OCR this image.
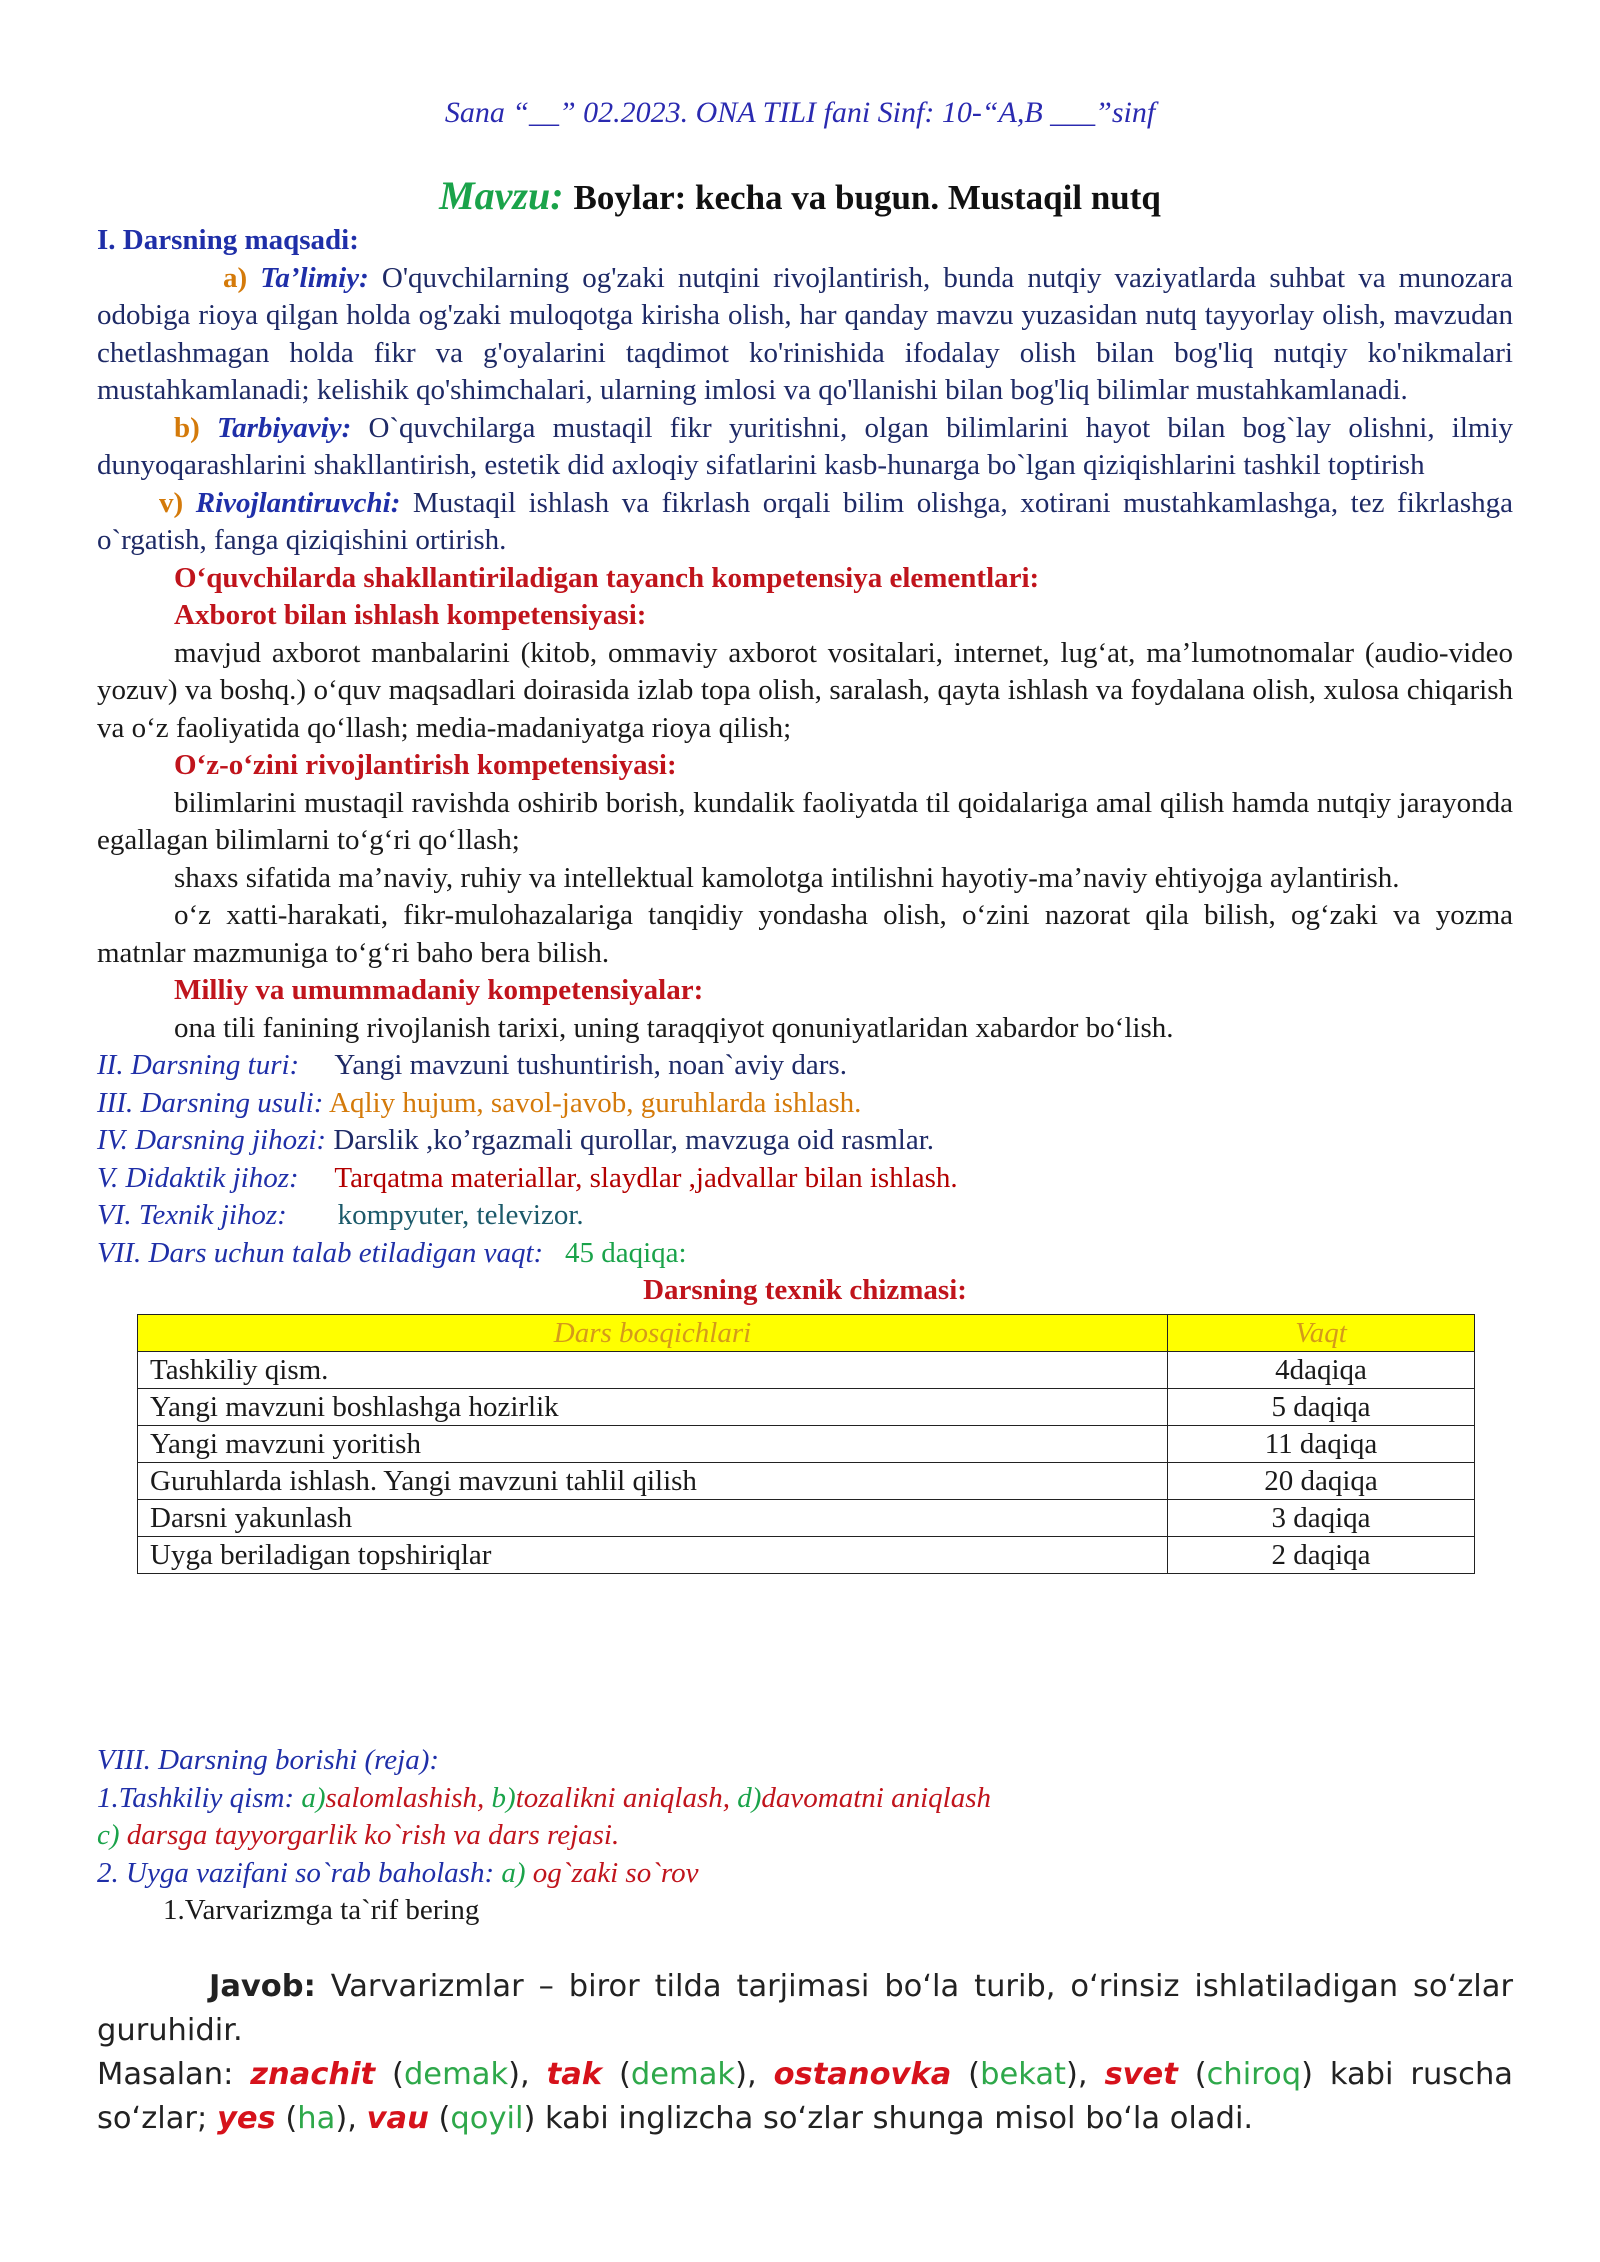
Sana “__” 02.2023. ONA TILI fani Sinf: 10-“A,B ___”sinf
Mavzu: Boylar: kecha va bugun. Mustaqil nutq

I. Darsning maqsadi:

a) Ta’limiy: O'quvchilarning og'zaki nutqini rivojlantirish, bunda nutqiy vaziyatlarda suhbat va munozara odobiga rioya qilgan holda og'zaki muloqotga kirisha olish, har qanday mavzu yuzasidan nutq tayyorlay olish, mavzudan chetlashmagan holda fikr va g'oyalarini taqdimot ko'rinishida ifodalay olish bilan bog'liq nutqiy ko'nikmalari mustahkamlanadi; kelishik qo'shimchalari, ularning imlosi va qo'llanishi bilan bog'liq bilimlar mustahkamlanadi.

b) Tarbiyaviy: O`quvchilarga mustaqil fikr yuritishni, olgan bilimlarini hayot bilan bog`lay olishni, ilmiy dunyoqarashlarini shakllantirish, estetik did axloqiy sifatlarini kasb-hunarga bo`lgan qiziqishlarini tashkil toptirish

v) Rivojlantiruvchi: Mustaqil ishlash va fikrlash orqali bilim olishga, xotirani mustahkamlashga, tez fikrlashga o`rgatish, fanga qiziqishini ortirish.

O‘quvchilarda shakllantiriladigan tayanch kompetensiya elementlari:

Axborot bilan ishlash kompetensiyasi:

mavjud axborot manbalarini (kitob, ommaviy axborot vositalari, internet, lug‘at, ma’lumotnomalar (audio-video yozuv) va boshq.) o‘quv maqsadlari doirasida izlab topa olish, saralash, qayta ishlash va foydalana olish, xulosa chiqarish va o‘z faoliyatida qo‘llash; media-madaniyatga rioya qilish;

O‘z-o‘zini rivojlantirish kompetensiyasi:

bilimlarini mustaqil ravishda oshirib borish, kundalik faoliyatda til qoidalariga amal qilish hamda nutqiy jarayonda egallagan bilimlarni to‘g‘ri qo‘llash;

shaxs sifatida ma’naviy, ruhiy va intellektual kamolotga intilishni hayotiy-ma’naviy ehtiyojga aylantirish.

o‘z xatti-harakati, fikr-mulohazalariga tanqidiy yondasha olish, o‘zini nazorat qila bilish, og‘zaki va yozma matnlar mazmuniga to‘g‘ri baho bera bilish.

Milliy va umummadaniy kompetensiyalar:

ona tili fanining rivojlanish tarixi, uning taraqqiyot qonuniyatlaridan xabardor bo‘lish.

II. Darsning turi: Yangi mavzuni tushuntirish, noan`aviy dars.

III. Darsning usuli: Aqliy hujum, savol-javob, guruhlarda ishlash.

IV. Darsning jihozi: Darslik ,ko’rgazmali qurollar, mavzuga oid rasmlar.

V. Didaktik jihoz: Tarqatma materiallar, slaydlar ,jadvallar bilan ishlash.

VI. Texnik jihoz: kompyuter, televizor.

VII. Dars uchun talab etiladigan vaqt: 45 daqiqa:

Darsning texnik chizmasi:

Dars bosqichlari	Vaqt
Tashkiliy qism.	4daqiqa
Yangi mavzuni boshlashga hozirlik	5 daqiqa
Yangi mavzuni yoritish	11 daqiqa
Guruhlarda ishlash. Yangi mavzuni tahlil qilish	20 daqiqa
Darsni yakunlash	3 daqiqa
Uyga beriladigan topshiriqlar	2 daqiqa

VIII. Darsning borishi (reja):

1.Tashkiliy qism: a)salomlashish, b)tozalikni aniqlash, d)davomatni aniqlash

c) darsga tayyorgarlik ko`rish va dars rejasi.

2. Uyga vazifani so`rab baholash: a) og`zaki so`rov

1.Varvarizmga ta`rif bering

Javob: Varvarizmlar – biror tilda tarjimasi bo‘la turib, o‘rinsiz ishlatiladigan so‘zlar guruhidir.

Masalan: znachit (demak), tak (demak), ostanovka (bekat), svet (chiroq) kabi ruscha so‘zlar; yes (ha), vau (qoyil) kabi inglizcha so‘zlar shunga misol bo‘la oladi.
